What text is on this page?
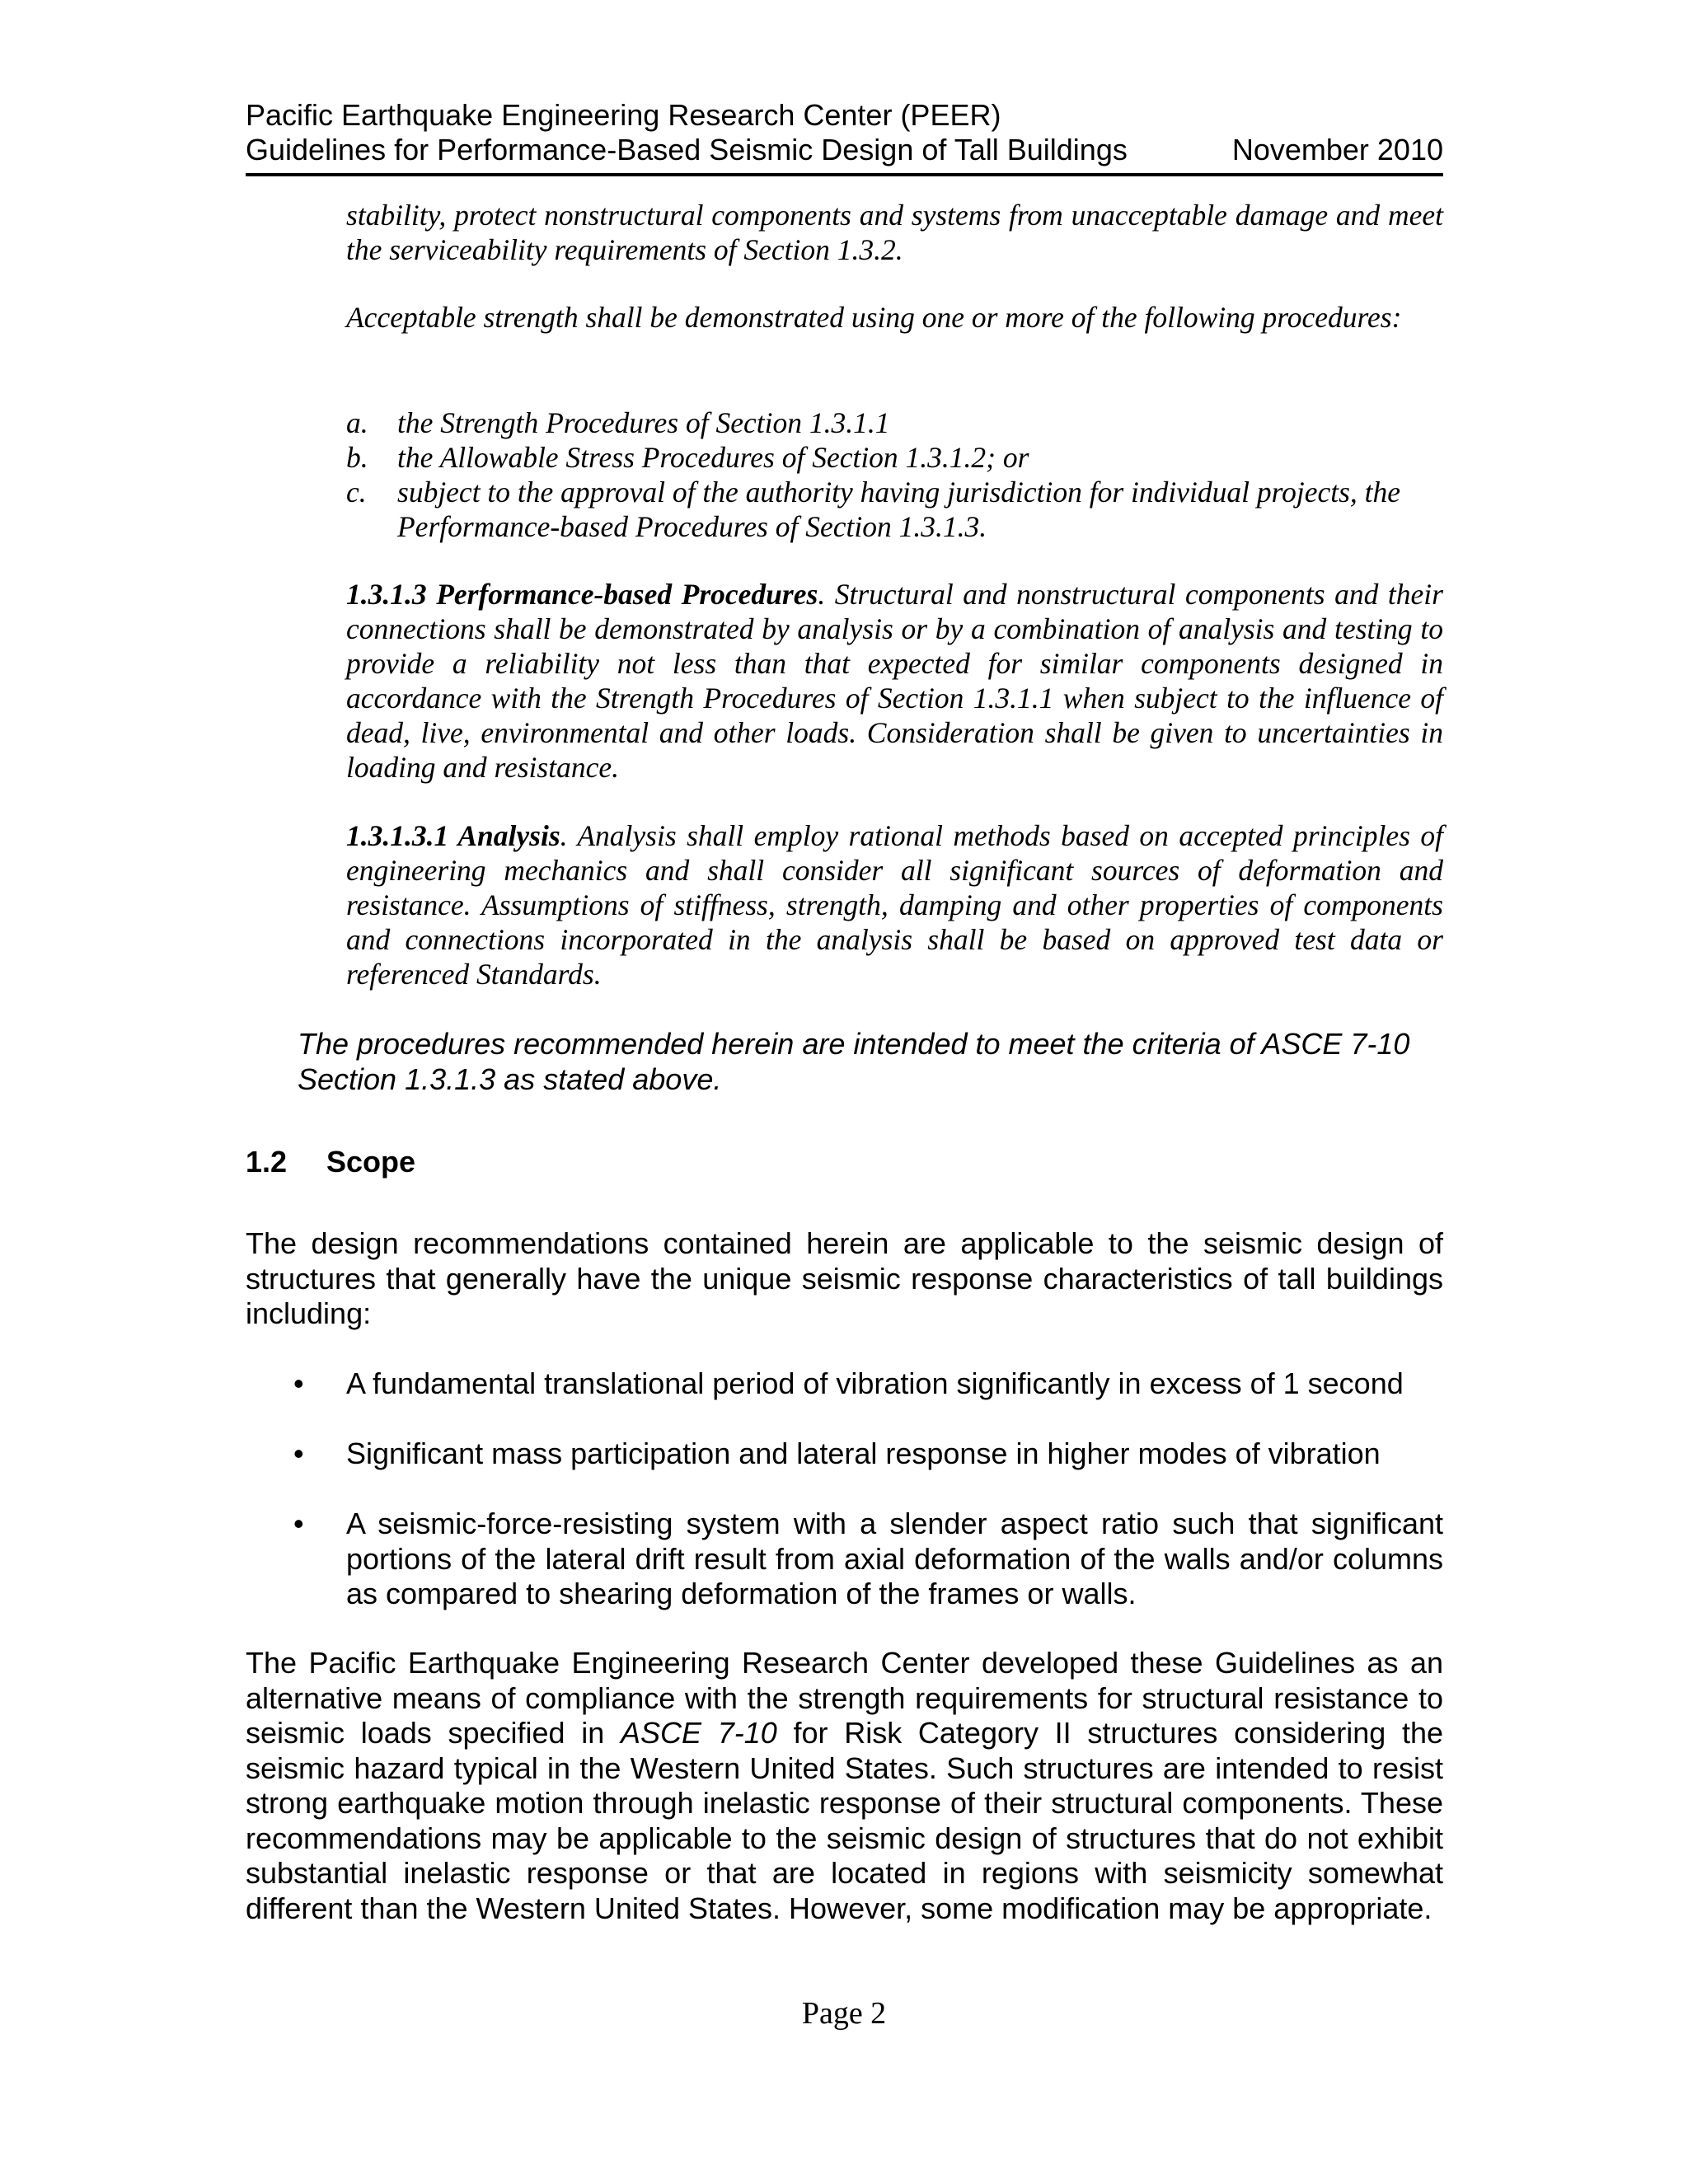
Pacific Earthquake Engineering Research Center (PEER)
Guidelines for Performance-Based Seismic Design of Tall Buildings	November 2010

stability, protect nonstructural components and systems from unacceptable damage and meet the serviceability requirements of Section 1.3.2.

Acceptable strength shall be demonstrated using one or more of the following procedures:

a. the Strength Procedures of Section 1.3.1.1
b. the Allowable Stress Procedures of Section 1.3.1.2; or
c. subject to the approval of the authority having jurisdiction for individual projects, the Performance-based Procedures of Section 1.3.1.3.

1.3.1.3 Performance-based Procedures. Structural and nonstructural components and their connections shall be demonstrated by analysis or by a combination of analysis and testing to provide a reliability not less than that expected for similar components designed in accordance with the Strength Procedures of Section 1.3.1.1 when subject to the influence of dead, live, environmental and other loads. Consideration shall be given to uncertainties in loading and resistance.

1.3.1.3.1 Analysis. Analysis shall employ rational methods based on accepted principles of engineering mechanics and shall consider all significant sources of deformation and resistance. Assumptions of stiffness, strength, damping and other properties of components and connections incorporated in the analysis shall be based on approved test data or referenced Standards.

The procedures recommended herein are intended to meet the criteria of ASCE 7-10 Section 1.3.1.3 as stated above.

1.2 Scope

The design recommendations contained herein are applicable to the seismic design of structures that generally have the unique seismic response characteristics of tall buildings including:

• A fundamental translational period of vibration significantly in excess of 1 second
• Significant mass participation and lateral response in higher modes of vibration
• A seismic-force-resisting system with a slender aspect ratio such that significant portions of the lateral drift result from axial deformation of the walls and/or columns as compared to shearing deformation of the frames or walls.

The Pacific Earthquake Engineering Research Center developed these Guidelines as an alternative means of compliance with the strength requirements for structural resistance to seismic loads specified in ASCE 7-10 for Risk Category II structures considering the seismic hazard typical in the Western United States. Such structures are intended to resist strong earthquake motion through inelastic response of their structural components. These recommendations may be applicable to the seismic design of structures that do not exhibit substantial inelastic response or that are located in regions with seismicity somewhat different than the Western United States. However, some modification may be appropriate.

Page 2
